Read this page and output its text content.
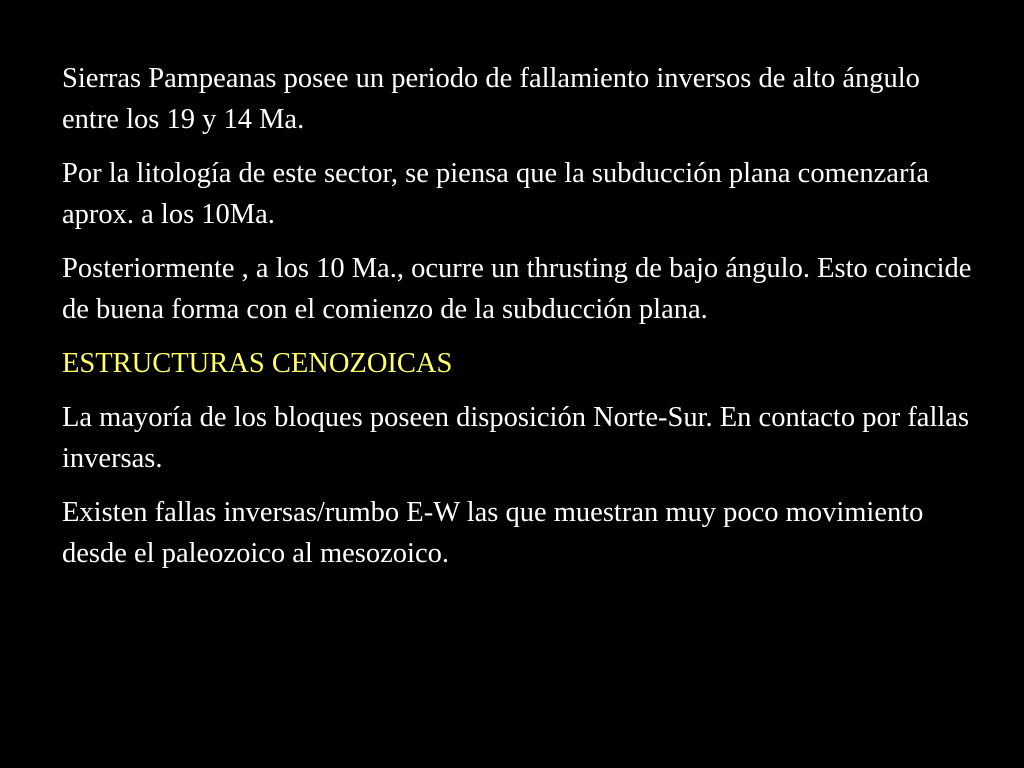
Sierras Pampeanas posee un periodo de fallamiento inversos de alto ángulo entre los 19 y 14 Ma.

Por la litología de este sector, se piensa que la subducción plana comenzaría aprox. a los 10Ma.

Posteriormente , a los 10 Ma., ocurre un thrusting de bajo ángulo. Esto coincide de buena forma con el comienzo de la subducción plana.

ESTRUCTURAS CENOZOICAS

La mayoría de los bloques poseen disposición Norte-Sur. En contacto por fallas inversas.

Existen fallas inversas/rumbo E-W las que muestran muy poco movimiento desde el paleozoico al mesozoico.
